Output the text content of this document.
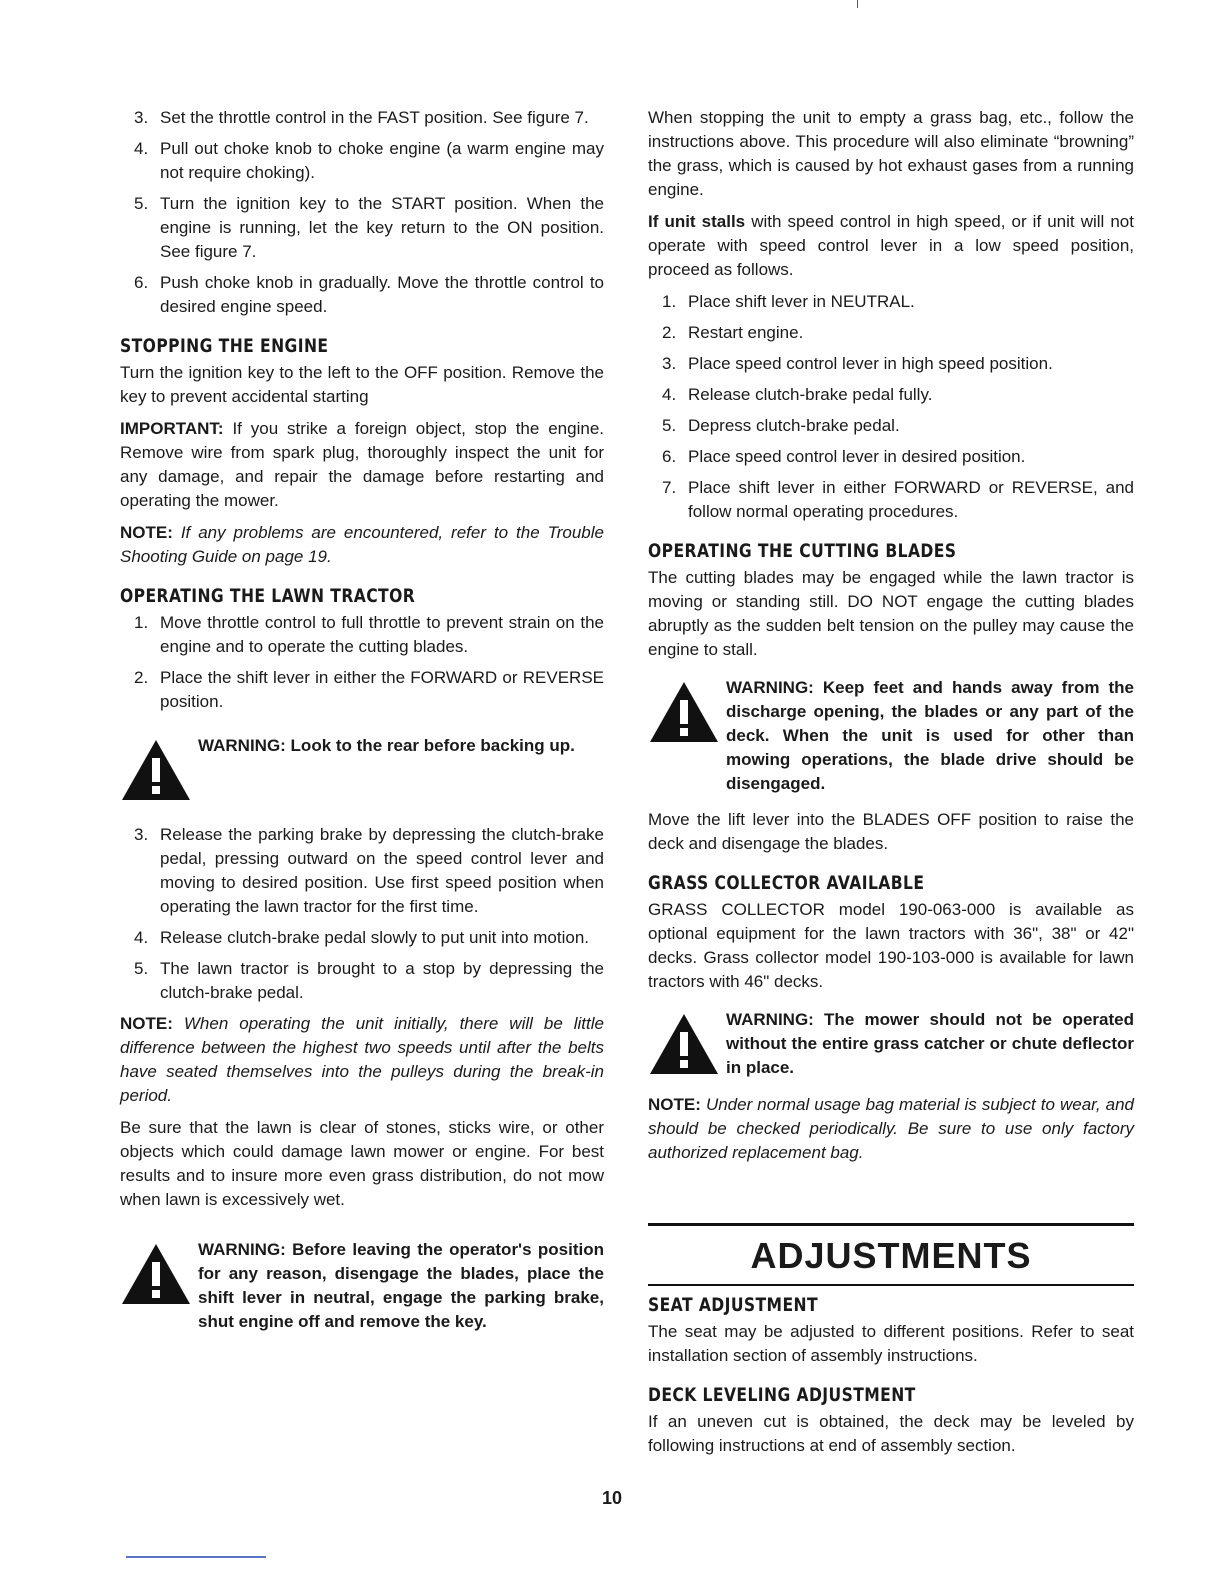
3. Set the throttle control in the FAST position. See figure 7.
4. Pull out choke knob to choke engine (a warm engine may not require choking).
5. Turn the ignition key to the START position. When the engine is running, let the key return to the ON position. See figure 7.
6. Push choke knob in gradually. Move the throttle control to desired engine speed.
STOPPING THE ENGINE

Turn the ignition key to the left to the OFF position. Remove the key to prevent accidental starting

IMPORTANT: If you strike a foreign object, stop the engine. Remove wire from spark plug, thoroughly inspect the unit for any damage, and repair the damage before restarting and operating the mower.

NOTE: If any problems are encountered, refer to the Trouble Shooting Guide on page 19.

OPERATING THE LAWN TRACTOR
1. Move throttle control to full throttle to prevent strain on the engine and to operate the cutting blades.
2. Place the shift lever in either the FORWARD or REVERSE position.
WARNING: Look to the rear before backing up.
3. Release the parking brake by depressing the clutch-brake pedal, pressing outward on the speed control lever and moving to desired position. Use first speed position when operating the lawn tractor for the first time.
4. Release clutch-brake pedal slowly to put unit into motion.
5. The lawn tractor is brought to a stop by depressing the clutch-brake pedal.

NOTE: When operating the unit initially, there will be little difference between the highest two speeds until after the belts have seated themselves into the pulleys during the break-in period.

Be sure that the lawn is clear of stones, sticks wire, or other objects which could damage lawn mower or engine. For best results and to insure more even grass distribution, do not mow when lawn is excessively wet.

WARNING: Before leaving the operator's position for any reason, disengage the blades, place the shift lever in neutral, engage the parking brake, shut engine off and remove the key.

When stopping the unit to empty a grass bag, etc., follow the instructions above. This procedure will also eliminate “browning” the grass, which is caused by hot exhaust gases from a running engine.

If unit stalls with speed control in high speed, or if unit will not operate with speed control lever in a low speed position, proceed as follows.

1. Place shift lever in NEUTRAL.
2. Restart engine.
3. Place speed control lever in high speed position.
4. Release clutch-brake pedal fully.
5. Depress clutch-brake pedal.
6. Place speed control lever in desired position.
7. Place shift lever in either FORWARD or REVERSE, and follow normal operating procedures.
OPERATING THE CUTTING BLADES

The cutting blades may be engaged while the lawn tractor is moving or standing still. DO NOT engage the cutting blades abruptly as the sudden belt tension on the pulley may cause the engine to stall.

WARNING: Keep feet and hands away from the discharge opening, the blades or any part of the deck. When the unit is used for other than mowing operations, the blade drive should be disengaged.

Move the lift lever into the BLADES OFF position to raise the deck and disengage the blades.

GRASS COLLECTOR AVAILABLE

GRASS COLLECTOR model 190-063-000 is available as optional equipment for the lawn tractors with 36", 38" or 42" decks. Grass collector model 190-103-000 is available for lawn tractors with 46" decks.

WARNING: The mower should not be operated without the entire grass catcher or chute deflector in place.

NOTE: Under normal usage bag material is subject to wear, and should be checked periodically. Be sure to use only factory authorized replacement bag.

ADJUSTMENTS
SEAT ADJUSTMENT

The seat may be adjusted to different positions. Refer to seat installation section of assembly instructions.

DECK LEVELING ADJUSTMENT

If an uneven cut is obtained, the deck may be leveled by following instructions at end of assembly section.

10
